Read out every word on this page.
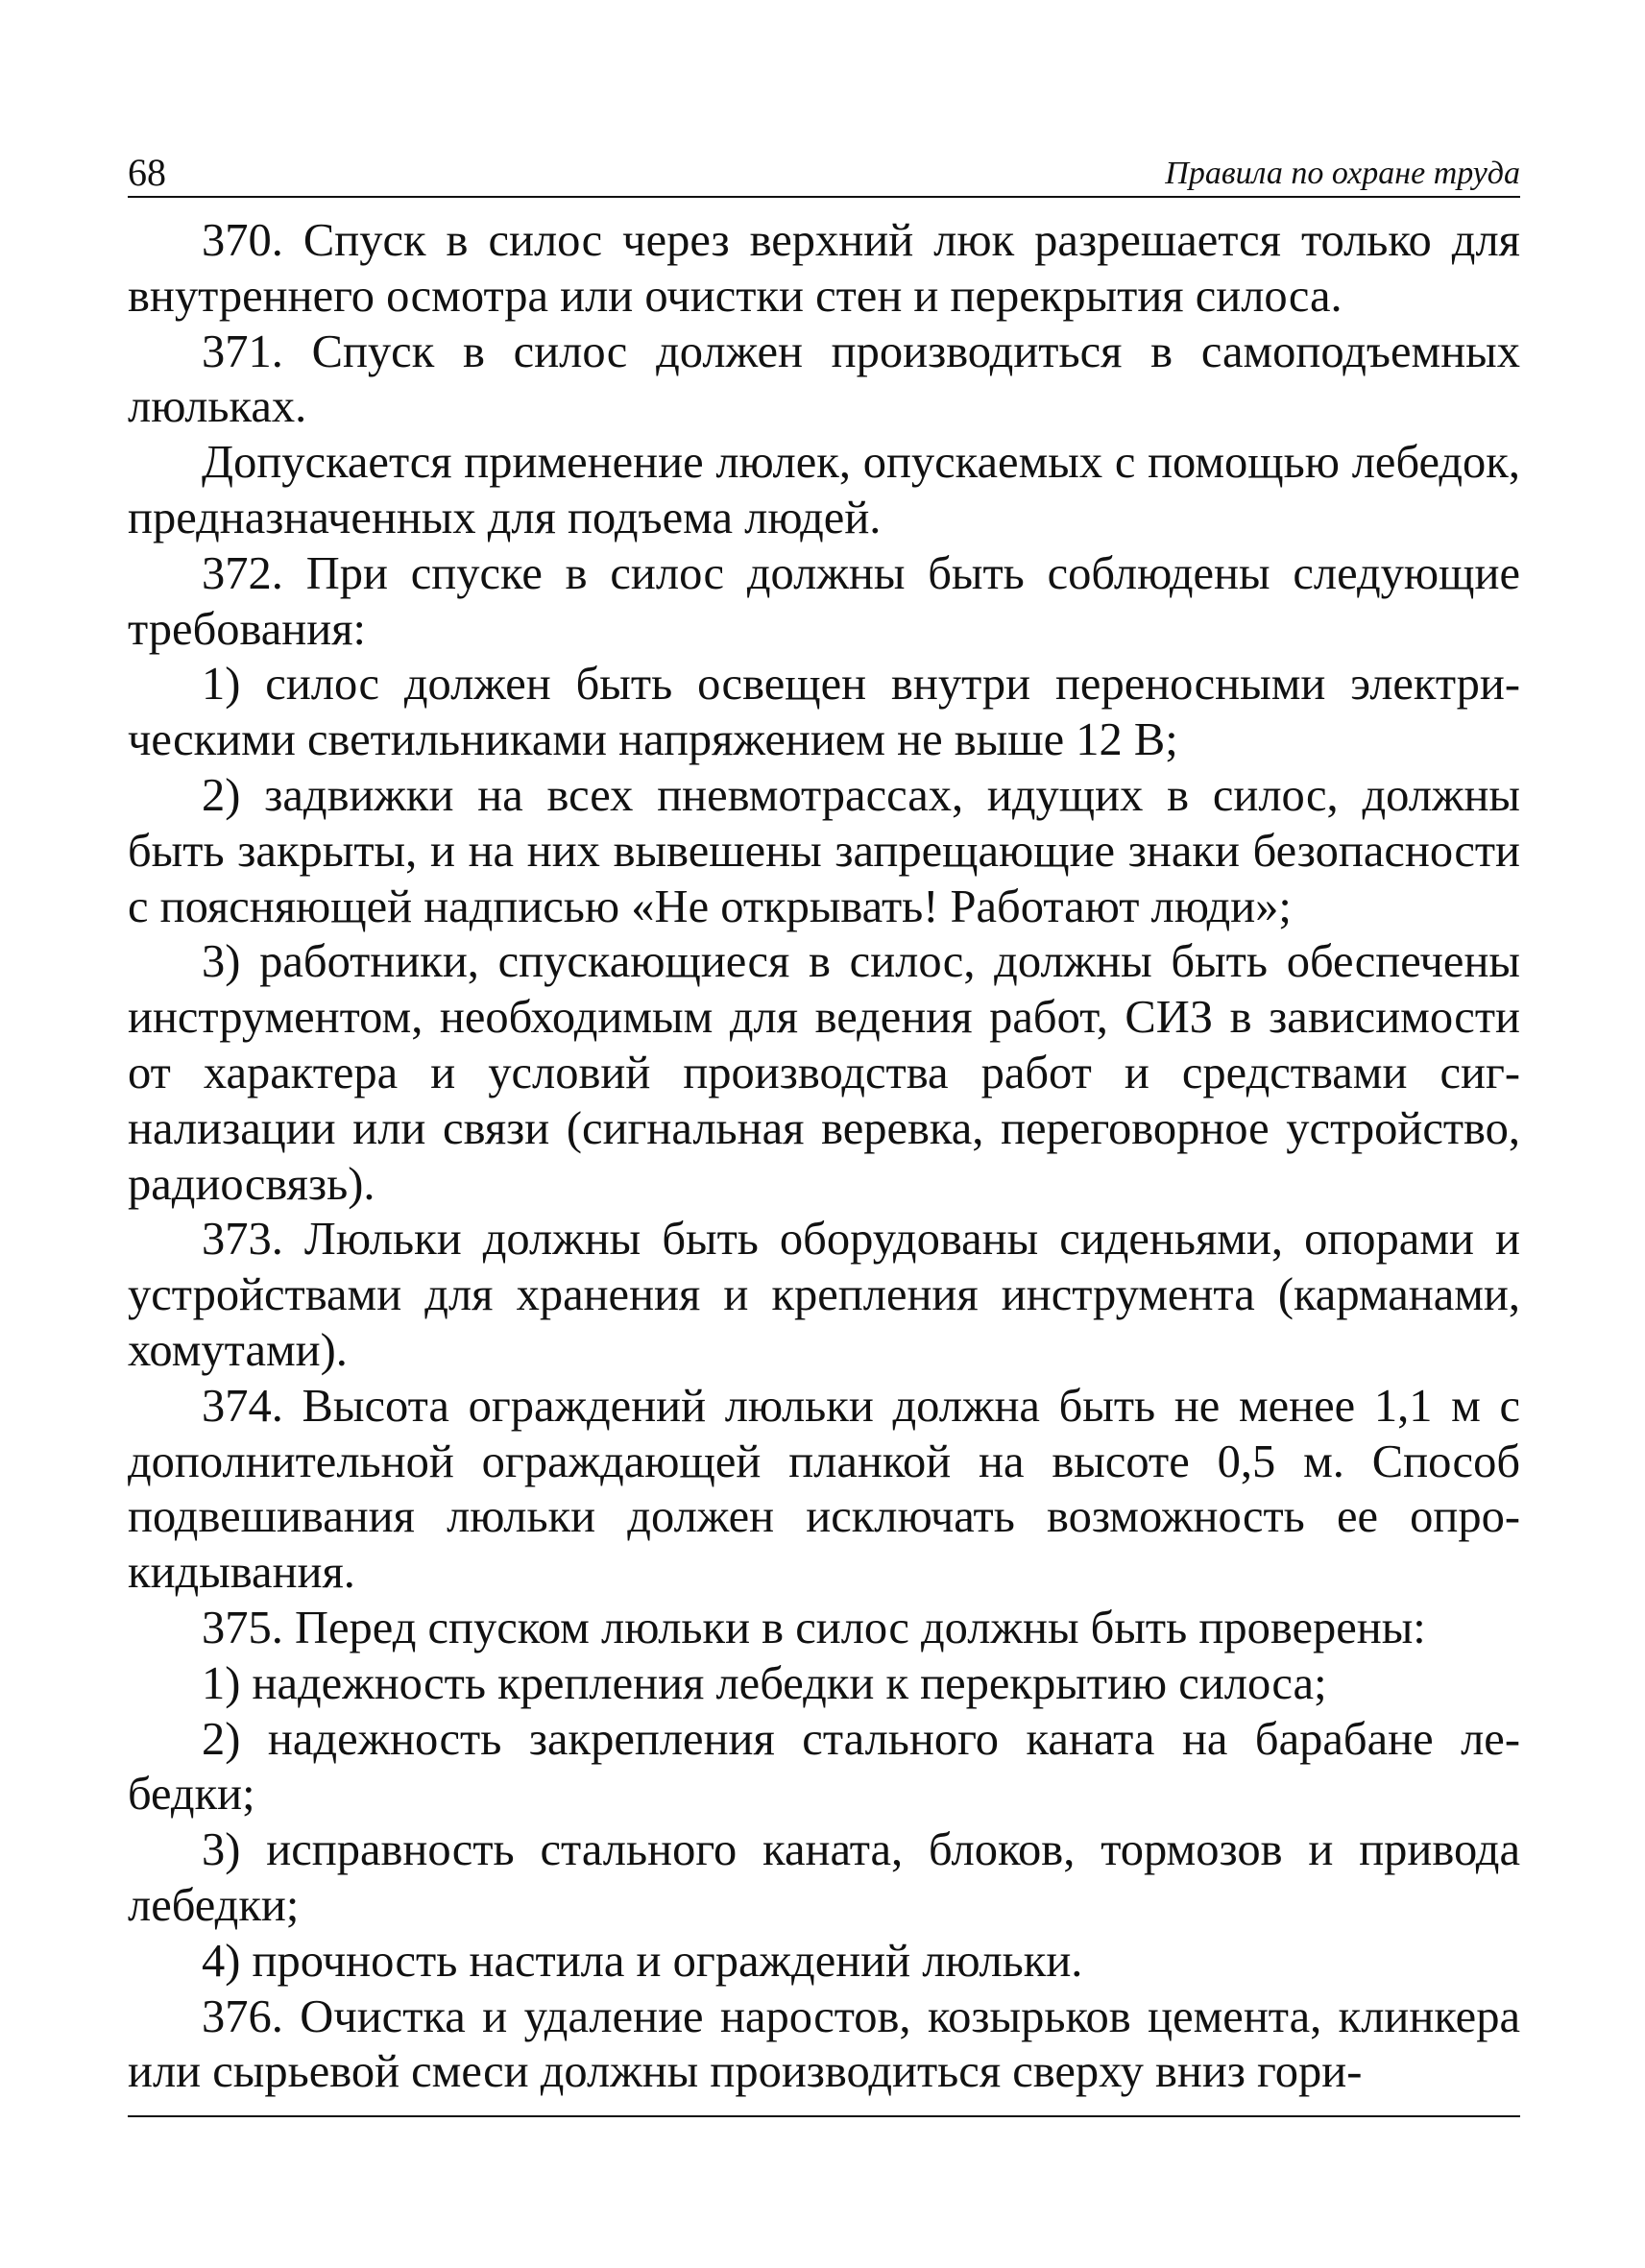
68	Правила по охране труда

370. Спуск в силос через верхний люк разрешается только для внутреннего осмотра или очистки стен и перекрытия силоса.

371. Спуск в силос должен производиться в самоподъемных люльках.

Допускается применение люлек, опускаемых с помощью лебедок, предназначенных для подъема людей.

372. При спуске в силос должны быть соблюдены следующие требования:

1) силос должен быть освещен внутри переносными электрическими светильниками напряжением не выше 12 В;

2) задвижки на всех пневмотрассах, идущих в силос, должны быть закрыты, и на них вывешены запрещающие знаки безопасности с поясняющей надписью «Не открывать! Работают люди»;

3) работники, спускающиеся в силос, должны быть обеспечены инструментом, необходимым для ведения работ, СИЗ в зависимости от характера и условий производства работ и средствами сигнализации или связи (сигнальная веревка, переговорное устройство, радиосвязь).

373. Люльки должны быть оборудованы сиденьями, опорами и устройствами для хранения и крепления инструмента (карманами, хомутами).

374. Высота ограждений люльки должна быть не менее 1,1 м с дополнительной ограждающей планкой на высоте 0,5 м. Способ подвешивания люльки должен исключать возможность ее опрокидывания.

375. Перед спуском люльки в силос должны быть проверены:

1) надежность крепления лебедки к перекрытию силоса;

2) надежность закрепления стального каната на барабане лебедки;

3) исправность стального каната, блоков, тормозов и привода лебедки;

4) прочность настила и ограждений люльки.

376. Очистка и удаление наростов, козырьков цемента, клинкера или сырьевой смеси должны производиться сверху вниз гори-
